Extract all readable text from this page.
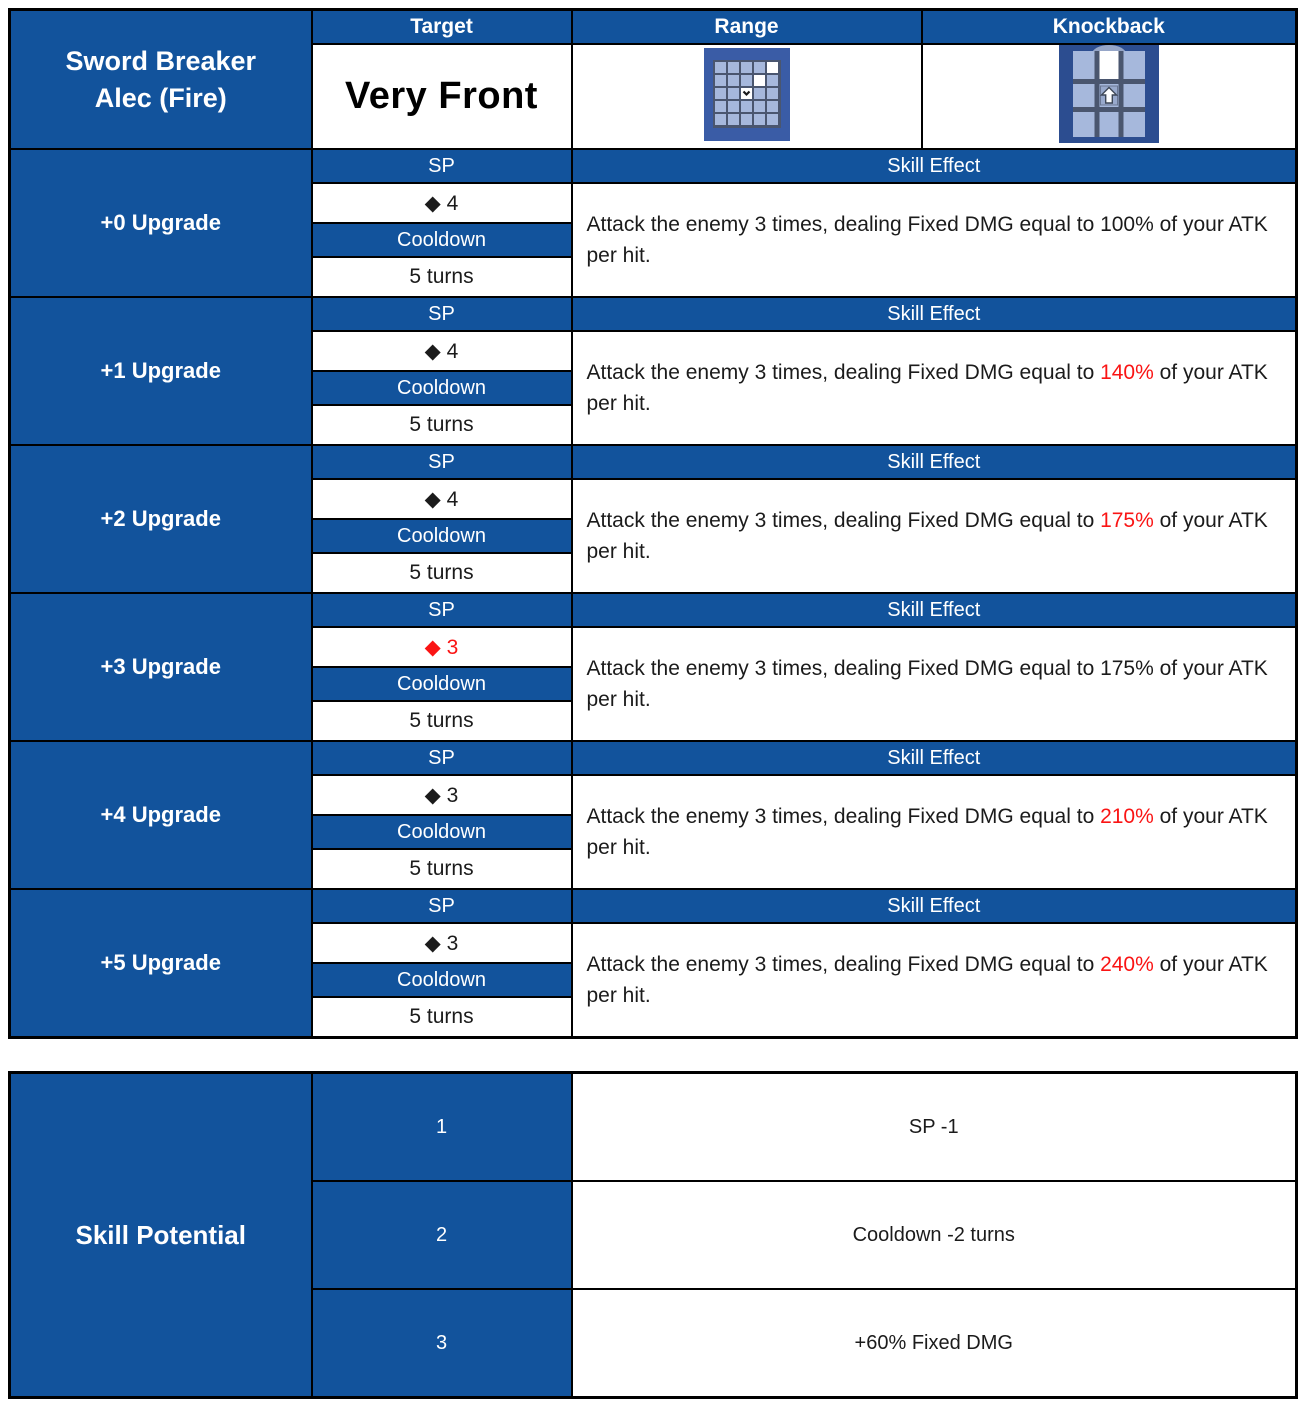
Sword Breaker
Alec (Fire)	Target	Range	Knockback
	Very Front		
+0 Upgrade	SP	Skill Effect	
	◆ 4	Attack the enemy 3 times, dealing Fixed DMG equal to 100% of your ATK per hit.	
	Cooldown		
	5 turns		
+1 Upgrade	SP	Skill Effect	
	◆ 4	Attack the enemy 3 times, dealing Fixed DMG equal to 140% of your ATK per hit.	
	Cooldown		
	5 turns		
+2 Upgrade	SP	Skill Effect	
	◆ 4	Attack the enemy 3 times, dealing Fixed DMG equal to 175% of your ATK per hit.	
	Cooldown		
	5 turns		
+3 Upgrade	SP	Skill Effect	
	◆ 3	Attack the enemy 3 times, dealing Fixed DMG equal to 175% of your ATK per hit.	
	Cooldown		
	5 turns		
+4 Upgrade	SP	Skill Effect	
	◆ 3	Attack the enemy 3 times, dealing Fixed DMG equal to 210% of your ATK per hit.	
	Cooldown		
	5 turns		
+5 Upgrade	SP	Skill Effect	
	◆ 3	Attack the enemy 3 times, dealing Fixed DMG equal to 240% of your ATK per hit.	
	Cooldown		
	5 turns		
Skill Potential	1	SP -1
	2	Cooldown -2 turns
	3	+60% Fixed DMG
